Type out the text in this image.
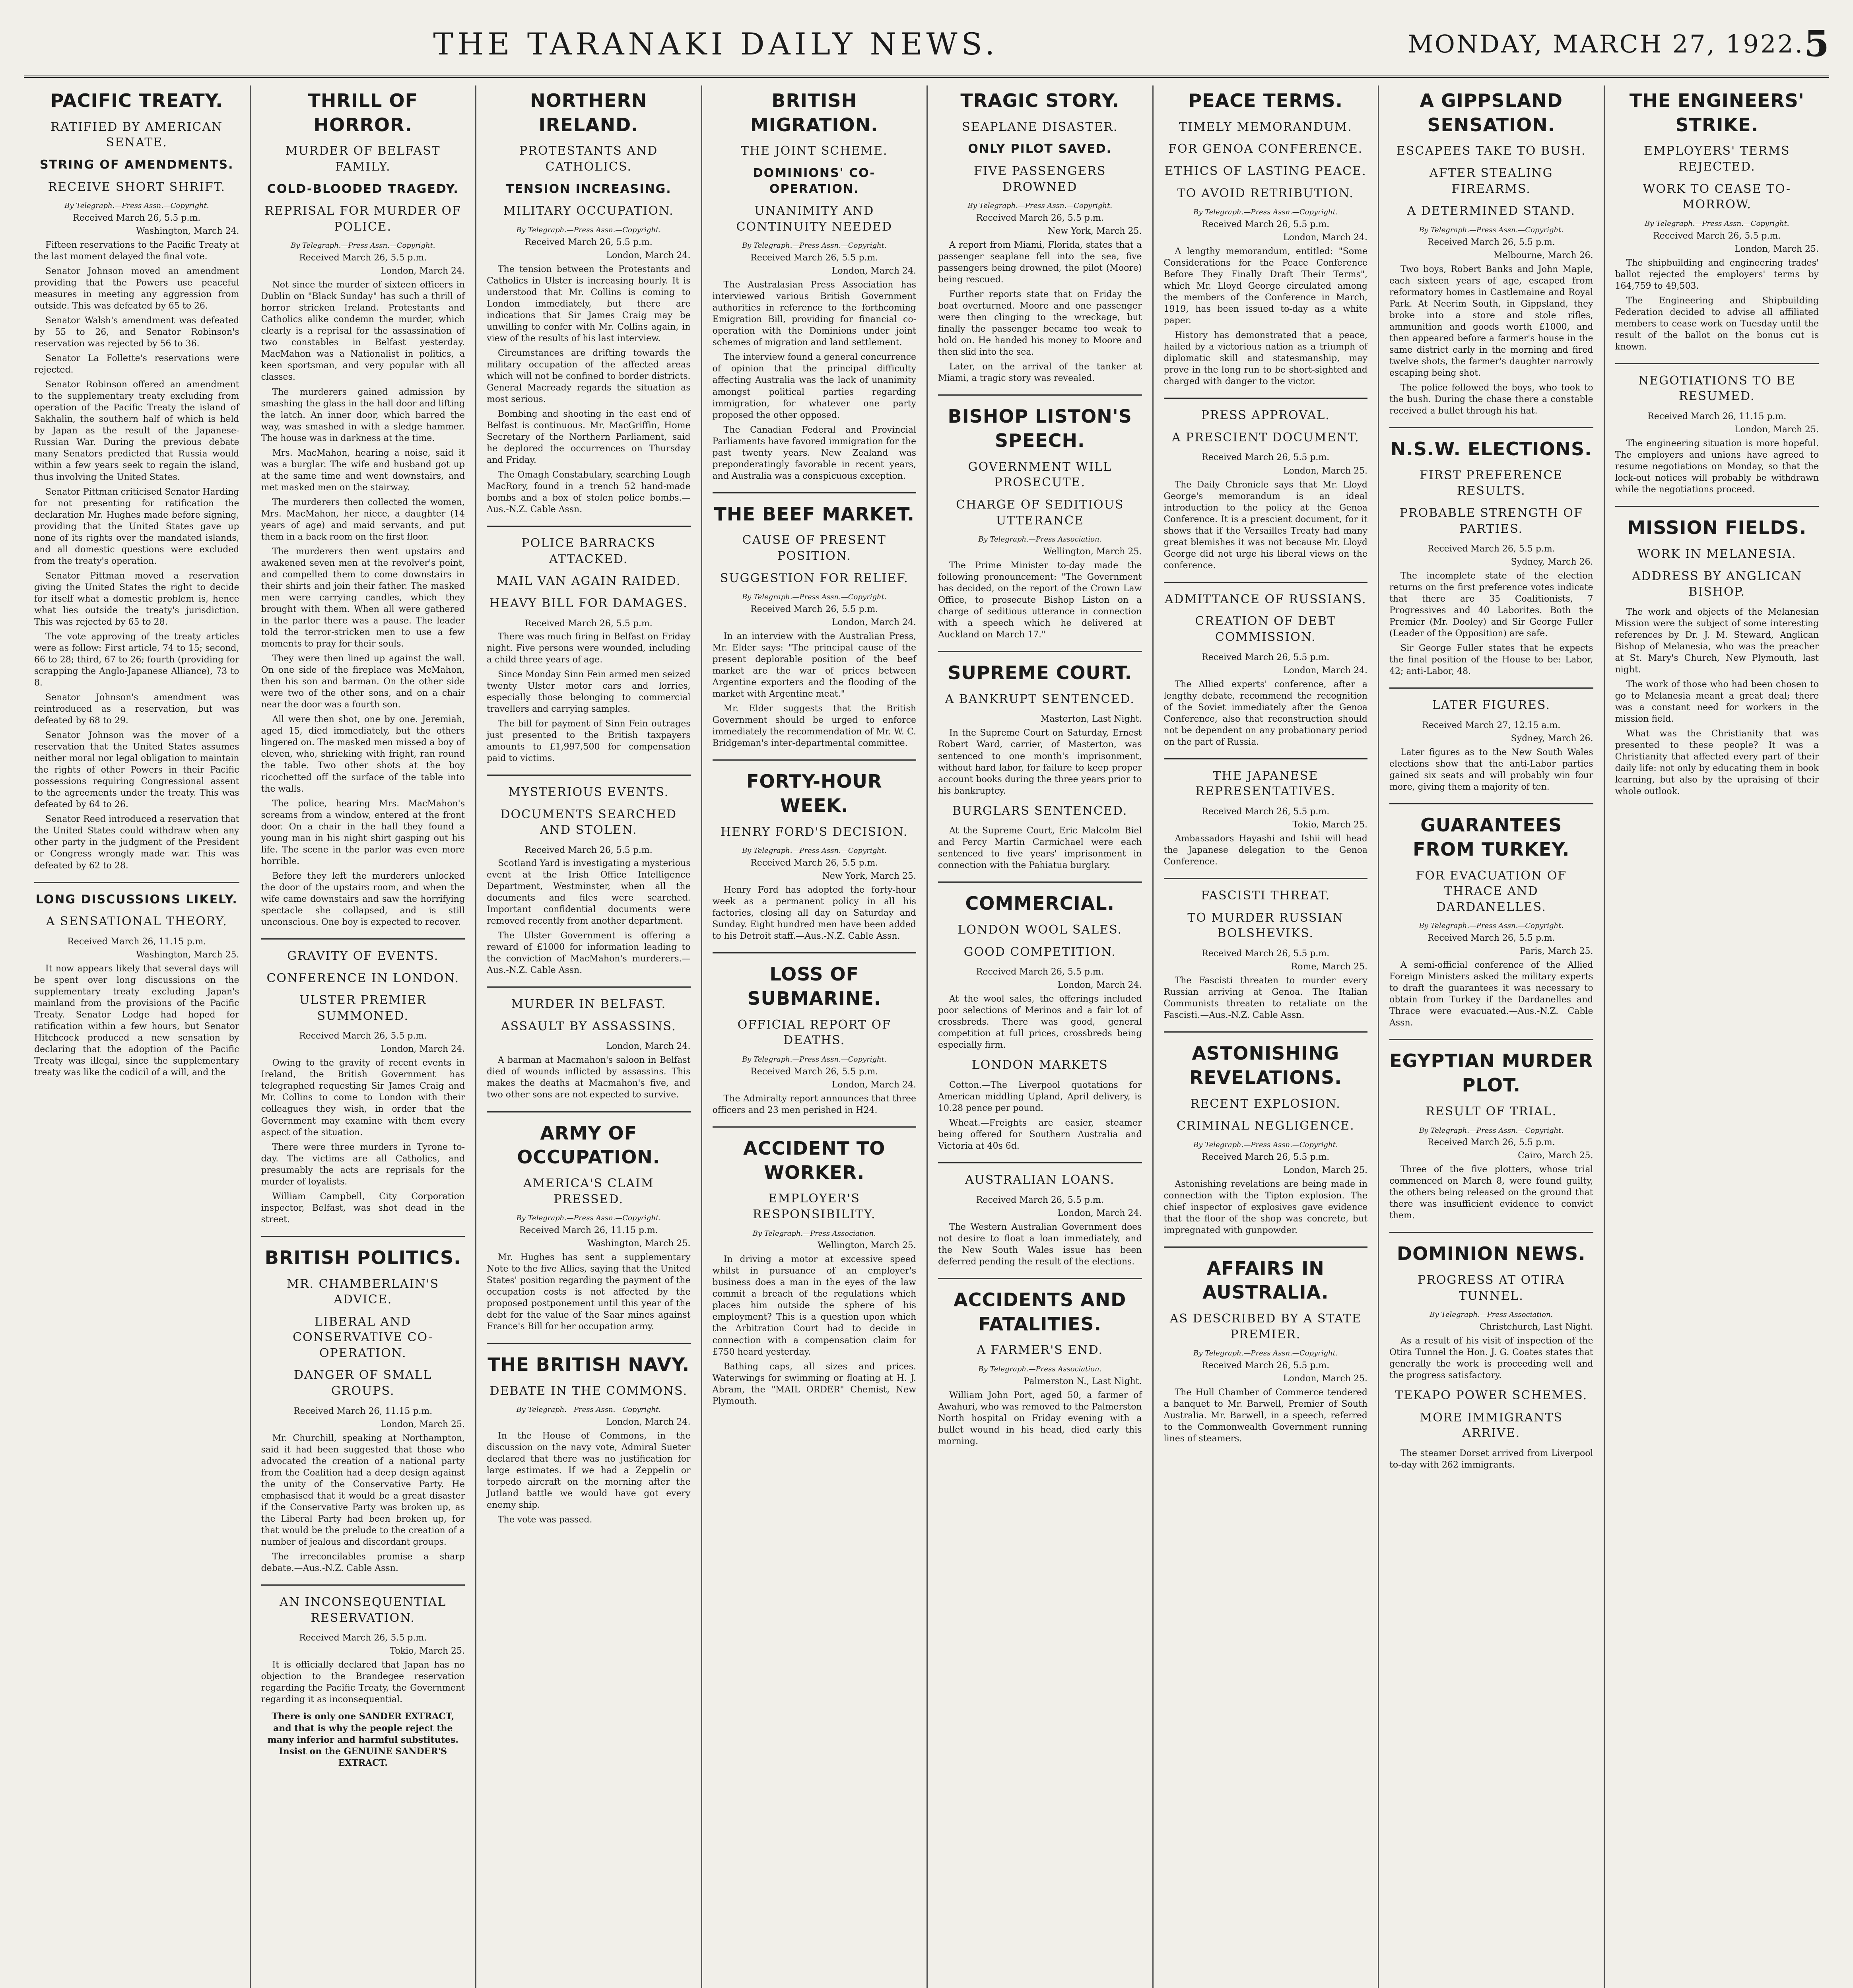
THE TARANAKI DAILY NEWS.	MONDAY, MARCH 27, 1922. 5
PACIFIC TREATY.
RATIFIED BY AMERICAN SENATE.
STRING OF AMENDMENTS.
RECEIVE SHORT SHRIFT.
By Telegraph.—Press Assn.—Copyright.
Received March 26, 5.5 p.m.
Washington, March 24.

Fifteen reservations to the Pacific Treaty at the last moment delayed the final vote.

Senator Johnson moved an amendment providing that the Powers use peaceful measures in meeting any aggression from outside. This was defeated by 65 to 26.

Senator Walsh's amendment was defeated by 55 to 26, and Senator Robinson's reservation was rejected by 56 to 36.

Senator La Follette's reservations were rejected.

Senator Robinson offered an amendment to the supplementary treaty excluding from operation of the Pacific Treaty the island of Sakhalin, the southern half of which is held by Japan as the result of the Japanese-Russian War. During the previous debate many Senators predicted that Russia would within a few years seek to regain the island, thus involving the United States.

Senator Pittman criticised Senator Harding for not presenting for ratification the declaration Mr. Hughes made before signing, providing that the United States gave up none of its rights over the mandated islands, and all domestic questions were excluded from the treaty's operation.

Senator Pittman moved a reservation giving the United States the right to decide for itself what a domestic problem is, hence what lies outside the treaty's jurisdiction. This was rejected by 65 to 28.

The vote approving of the treaty articles were as follow: First article, 74 to 15; second, 66 to 28; third, 67 to 26; fourth (providing for scrapping the Anglo-Japanese Alliance), 73 to 8.

Senator Johnson's amendment was reintroduced as a reservation, but was defeated by 68 to 29.

Senator Johnson was the mover of a reservation that the United States assumes neither moral nor legal obligation to maintain the rights of other Powers in their Pacific possessions requiring Congressional assent to the agreements under the treaty. This was defeated by 64 to 26.

Senator Reed introduced a reservation that the United States could withdraw when any other party in the judgment of the President or Congress wrongly made war. This was defeated by 62 to 28.

LONG DISCUSSIONS LIKELY.
A SENSATIONAL THEORY.
Received March 26, 11.15 p.m.
Washington, March 25.

It now appears likely that several days will be spent over long discussions on the supplementary treaty excluding Japan's mainland from the provisions of the Pacific Treaty. Senator Lodge had hoped for ratification within a few hours, but Senator Hitchcock produced a new sensation by declaring that the adoption of the Pacific Treaty was illegal, since the supplementary treaty was like the codicil of a will, and the

THRILL OF HORROR.
MURDER OF BELFAST FAMILY.
COLD-BLOODED TRAGEDY.
REPRISAL FOR MURDER OF POLICE.
By Telegraph.—Press Assn.—Copyright.
Received March 26, 5.5 p.m.
London, March 24.

Not since the murder of sixteen officers in Dublin on "Black Sunday" has such a thrill of horror stricken Ireland. Protestants and Catholics alike condemn the murder, which clearly is a reprisal for the assassination of two constables in Belfast yesterday. MacMahon was a Nationalist in politics, a keen sportsman, and very popular with all classes.

The murderers gained admission by smashing the glass in the hall door and lifting the latch. An inner door, which barred the way, was smashed in with a sledge hammer. The house was in darkness at the time.

Mrs. MacMahon, hearing a noise, said it was a burglar. The wife and husband got up at the same time and went downstairs, and met masked men on the stairway.

The murderers then collected the women, Mrs. MacMahon, her niece, a daughter (14 years of age) and maid servants, and put them in a back room on the first floor.

The murderers then went upstairs and awakened seven men at the revolver's point, and compelled them to come downstairs in their shirts and join their father. The masked men were carrying candles, which they brought with them. When all were gathered in the parlor there was a pause. The leader told the terror-stricken men to use a few moments to pray for their souls.

They were then lined up against the wall. On one side of the fireplace was McMahon, then his son and barman. On the other side were two of the other sons, and on a chair near the door was a fourth son.

All were then shot, one by one. Jeremiah, aged 15, died immediately, but the others lingered on. The masked men missed a boy of eleven, who, shrieking with fright, ran round the table. Two other shots at the boy ricochetted off the surface of the table into the walls.

The police, hearing Mrs. MacMahon's screams from a window, entered at the front door. On a chair in the hall they found a young man in his night shirt gasping out his life. The scene in the parlor was even more horrible.

Before they left the murderers unlocked the door of the upstairs room, and when the wife came downstairs and saw the horrifying spectacle she collapsed, and is still unconscious. One boy is expected to recover.

GRAVITY OF EVENTS.
CONFERENCE IN LONDON.
ULSTER PREMIER SUMMONED.
Received March 26, 5.5 p.m.
London, March 24.

Owing to the gravity of recent events in Ireland, the British Government has telegraphed requesting Sir James Craig and Mr. Collins to come to London with their colleagues they wish, in order that the Government may examine with them every aspect of the situation.

There were three murders in Tyrone to-day. The victims are all Catholics, and presumably the acts are reprisals for the murder of loyalists.

William Campbell, City Corporation inspector, Belfast, was shot dead in the street.

BRITISH POLITICS.
MR. CHAMBERLAIN'S ADVICE.
LIBERAL AND CONSERVATIVE CO-OPERATION.
DANGER OF SMALL GROUPS.
Received March 26, 11.15 p.m.
London, March 25.

Mr. Churchill, speaking at Northampton, said it had been suggested that those who advocated the creation of a national party from the Coalition had a deep design against the unity of the Conservative Party. He emphasised that it would be a great disaster if the Conservative Party was broken up, as the Liberal Party had been broken up, for that would be the prelude to the creation of a number of jealous and discordant groups.

The irreconcilables promise a sharp debate.—Aus.-N.Z. Cable Assn.

AN INCONSEQUENTIAL RESERVATION.
Received March 26, 5.5 p.m.
Tokio, March 25.

It is officially declared that Japan has no objection to the Brandegee reservation regarding the Pacific Treaty, the Government regarding it as inconsequential.

There is only one SANDER EXTRACT, and that is why the people reject the many inferior and harmful substitutes. Insist on the GENUINE SANDER'S EXTRACT.
NORTHERN IRELAND.
PROTESTANTS AND CATHOLICS.
TENSION INCREASING.
MILITARY OCCUPATION.
By Telegraph.—Press Assn.—Copyright.
Received March 26, 5.5 p.m.
London, March 24.

The tension between the Protestants and Catholics in Ulster is increasing hourly. It is understood that Mr. Collins is coming to London immediately, but there are indications that Sir James Craig may be unwilling to confer with Mr. Collins again, in view of the results of his last interview.

Circumstances are drifting towards the military occupation of the affected areas which will not be confined to border districts. General Macready regards the situation as most serious.

Bombing and shooting in the east end of Belfast is continuous. Mr. MacGriffin, Home Secretary of the Northern Parliament, said he deplored the occurrences on Thursday and Friday.

The Omagh Constabulary, searching Lough MacRory, found in a trench 52 hand-made bombs and a box of stolen police bombs.—Aus.-N.Z. Cable Assn.

POLICE BARRACKS ATTACKED.
MAIL VAN AGAIN RAIDED.
HEAVY BILL FOR DAMAGES.
Received March 26, 5.5 p.m.

There was much firing in Belfast on Friday night. Five persons were wounded, including a child three years of age.

Since Monday Sinn Fein armed men seized twenty Ulster motor cars and lorries, especially those belonging to commercial travellers and carrying samples.

The bill for payment of Sinn Fein outrages just presented to the British taxpayers amounts to £1,997,500 for compensation paid to victims.

MYSTERIOUS EVENTS.
DOCUMENTS SEARCHED AND STOLEN.
Received March 26, 5.5 p.m.

Scotland Yard is investigating a mysterious event at the Irish Office Intelligence Department, Westminster, when all the documents and files were searched. Important confidential documents were removed recently from another department.

The Ulster Government is offering a reward of £1000 for information leading to the conviction of MacMahon's murderers.—Aus.-N.Z. Cable Assn.

MURDER IN BELFAST.
ASSAULT BY ASSASSINS.
London, March 24.

A barman at Macmahon's saloon in Belfast died of wounds inflicted by assassins. This makes the deaths at Macmahon's five, and two other sons are not expected to survive.

ARMY OF OCCUPATION.
AMERICA'S CLAIM PRESSED.
By Telegraph.—Press Assn.—Copyright.
Received March 26, 11.15 p.m.
Washington, March 25.

Mr. Hughes has sent a supplementary Note to the five Allies, saying that the United States' position regarding the payment of the occupation costs is not affected by the proposed postponement until this year of the debt for the value of the Saar mines against France's Bill for her occupation army.

THE BRITISH NAVY.
DEBATE IN THE COMMONS.
By Telegraph.—Press Assn.—Copyright.
London, March 24.

In the House of Commons, in the discussion on the navy vote, Admiral Sueter declared that there was no justification for large estimates. If we had a Zeppelin or torpedo aircraft on the morning after the Jutland battle we would have got every enemy ship.

The vote was passed.

BRITISH MIGRATION.
THE JOINT SCHEME.
DOMINIONS' CO-OPERATION.
UNANIMITY AND CONTINUITY NEEDED
By Telegraph.—Press Assn.—Copyright.
Received March 26, 5.5 p.m.
London, March 24.

The Australasian Press Association has interviewed various British Government authorities in reference to the forthcoming Emigration Bill, providing for financial co-operation with the Dominions under joint schemes of migration and land settlement.

The interview found a general concurrence of opinion that the principal difficulty affecting Australia was the lack of unanimity amongst political parties regarding immigration, for whatever one party proposed the other opposed.

The Canadian Federal and Provincial Parliaments have favored immigration for the past twenty years. New Zealand was preponderatingly favorable in recent years, and Australia was a conspicuous exception.

THE BEEF MARKET.
CAUSE OF PRESENT POSITION.
SUGGESTION FOR RELIEF.
By Telegraph.—Press Assn.—Copyright.
Received March 26, 5.5 p.m.
London, March 24.

In an interview with the Australian Press, Mr. Elder says: "The principal cause of the present deplorable position of the beef market are the war of prices between Argentine exporters and the flooding of the market with Argentine meat."

Mr. Elder suggests that the British Government should be urged to enforce immediately the recommendation of Mr. W. C. Bridgeman's inter-departmental committee.

FORTY-HOUR WEEK.
HENRY FORD'S DECISION.
By Telegraph.—Press Assn.—Copyright.
Received March 26, 5.5 p.m.
New York, March 25.

Henry Ford has adopted the forty-hour week as a permanent policy in all his factories, closing all day on Saturday and Sunday. Eight hundred men have been added to his Detroit staff.—Aus.-N.Z. Cable Assn.

LOSS OF SUBMARINE.
OFFICIAL REPORT OF DEATHS.
By Telegraph.—Press Assn.—Copyright.
Received March 26, 5.5 p.m.
London, March 24.

The Admiralty report announces that three officers and 23 men perished in H24.

ACCIDENT TO WORKER.
EMPLOYER'S RESPONSIBILITY.
By Telegraph.—Press Association.
Wellington, March 25.

In driving a motor at excessive speed whilst in pursuance of an employer's business does a man in the eyes of the law commit a breach of the regulations which places him outside the sphere of his employment? This is a question upon which the Arbitration Court had to decide in connection with a compensation claim for £750 heard yesterday.

Bathing caps, all sizes and prices. Waterwings for swimming or floating at H. J. Abram, the "MAIL ORDER" Chemist, New Plymouth.

TRAGIC STORY.
SEAPLANE DISASTER.
ONLY PILOT SAVED.
FIVE PASSENGERS DROWNED
By Telegraph.—Press Assn.—Copyright.
Received March 26, 5.5 p.m.
New York, March 25.

A report from Miami, Florida, states that a passenger seaplane fell into the sea, five passengers being drowned, the pilot (Moore) being rescued.

Further reports state that on Friday the boat overturned. Moore and one passenger were then clinging to the wreckage, but finally the passenger became too weak to hold on. He handed his money to Moore and then slid into the sea.

Later, on the arrival of the tanker at Miami, a tragic story was revealed.

BISHOP LISTON'S SPEECH.
GOVERNMENT WILL PROSECUTE.
CHARGE OF SEDITIOUS UTTERANCE
By Telegraph.—Press Association.
Wellington, March 25.

The Prime Minister to-day made the following pronouncement: "The Government has decided, on the report of the Crown Law Office, to prosecute Bishop Liston on a charge of seditious utterance in connection with a speech which he delivered at Auckland on March 17."

SUPREME COURT.
A BANKRUPT SENTENCED.
Masterton, Last Night.

In the Supreme Court on Saturday, Ernest Robert Ward, carrier, of Masterton, was sentenced to one month's imprisonment, without hard labor, for failure to keep proper account books during the three years prior to his bankruptcy.

BURGLARS SENTENCED.

At the Supreme Court, Eric Malcolm Biel and Percy Martin Carmichael were each sentenced to five years' imprisonment in connection with the Pahiatua burglary.

COMMERCIAL.
LONDON WOOL SALES.
GOOD COMPETITION.
Received March 26, 5.5 p.m.
London, March 24.

At the wool sales, the offerings included poor selections of Merinos and a fair lot of crossbreds. There was good, general competition at full prices, crossbreds being especially firm.

LONDON MARKETS

Cotton.—The Liverpool quotations for American middling Upland, April delivery, is 10.28 pence per pound.

Wheat.—Freights are easier, steamer being offered for Southern Australia and Victoria at 40s 6d.

AUSTRALIAN LOANS.
Received March 26, 5.5 p.m.
London, March 24.

The Western Australian Government does not desire to float a loan immediately, and the New South Wales issue has been deferred pending the result of the elections.

ACCIDENTS AND FATALITIES.
A FARMER'S END.
By Telegraph.—Press Association.
Palmerston N., Last Night.

William John Port, aged 50, a farmer of Awahuri, who was removed to the Palmerston North hospital on Friday evening with a bullet wound in his head, died early this morning.

PEACE TERMS.
TIMELY MEMORANDUM.
FOR GENOA CONFERENCE.
ETHICS OF LASTING PEACE.
TO AVOID RETRIBUTION.
By Telegraph.—Press Assn.—Copyright.
Received March 26, 5.5 p.m.
London, March 24.

A lengthy memorandum, entitled: "Some Considerations for the Peace Conference Before They Finally Draft Their Terms", which Mr. Lloyd George circulated among the members of the Conference in March, 1919, has been issued to-day as a white paper.

History has demonstrated that a peace, hailed by a victorious nation as a triumph of diplomatic skill and statesmanship, may prove in the long run to be short-sighted and charged with danger to the victor.

PRESS APPROVAL.
A PRESCIENT DOCUMENT.
Received March 26, 5.5 p.m.
London, March 25.

The Daily Chronicle says that Mr. Lloyd George's memorandum is an ideal introduction to the policy at the Genoa Conference. It is a prescient document, for it shows that if the Versailles Treaty had many great blemishes it was not because Mr. Lloyd George did not urge his liberal views on the conference.

ADMITTANCE OF RUSSIANS.
CREATION OF DEBT COMMISSION.
Received March 26, 5.5 p.m.
London, March 24.

The Allied experts' conference, after a lengthy debate, recommend the recognition of the Soviet immediately after the Genoa Conference, also that reconstruction should not be dependent on any probationary period on the part of Russia.

THE JAPANESE REPRESENTATIVES.
Received March 26, 5.5 p.m.
Tokio, March 25.

Ambassadors Hayashi and Ishii will head the Japanese delegation to the Genoa Conference.

FASCISTI THREAT.
TO MURDER RUSSIAN BOLSHEVIKS.
Received March 26, 5.5 p.m.
Rome, March 25.

The Fascisti threaten to murder every Russian arriving at Genoa. The Italian Communists threaten to retaliate on the Fascisti.—Aus.-N.Z. Cable Assn.

ASTONISHING REVELATIONS.
RECENT EXPLOSION.
CRIMINAL NEGLIGENCE.
By Telegraph.—Press Assn.—Copyright.
Received March 26, 5.5 p.m.
London, March 25.

Astonishing revelations are being made in connection with the Tipton explosion. The chief inspector of explosives gave evidence that the floor of the shop was concrete, but impregnated with gunpowder.

AFFAIRS IN AUSTRALIA.
AS DESCRIBED BY A STATE PREMIER.
By Telegraph.—Press Assn.—Copyright.
Received March 26, 5.5 p.m.
London, March 25.

The Hull Chamber of Commerce tendered a banquet to Mr. Barwell, Premier of South Australia. Mr. Barwell, in a speech, referred to the Commonwealth Government running lines of steamers.

A GIPPSLAND SENSATION.
ESCAPEES TAKE TO BUSH.
AFTER STEALING FIREARMS.
A DETERMINED STAND.
By Telegraph.—Press Assn.—Copyright.
Received March 26, 5.5 p.m.
Melbourne, March 26.

Two boys, Robert Banks and John Maple, each sixteen years of age, escaped from reformatory homes in Castlemaine and Royal Park. At Neerim South, in Gippsland, they broke into a store and stole rifles, ammunition and goods worth £1000, and then appeared before a farmer's house in the same district early in the morning and fired twelve shots, the farmer's daughter narrowly escaping being shot.

The police followed the boys, who took to the bush. During the chase there a constable received a bullet through his hat.

N.S.W. ELECTIONS.
FIRST PREFERENCE RESULTS.
PROBABLE STRENGTH OF PARTIES.
Received March 26, 5.5 p.m.
Sydney, March 26.

The incomplete state of the election returns on the first preference votes indicate that there are 35 Coalitionists, 7 Progressives and 40 Laborites. Both the Premier (Mr. Dooley) and Sir George Fuller (Leader of the Opposition) are safe.

Sir George Fuller states that he expects the final position of the House to be: Labor, 42; anti-Labor, 48.

LATER FIGURES.
Received March 27, 12.15 a.m.
Sydney, March 26.

Later figures as to the New South Wales elections show that the anti-Labor parties gained six seats and will probably win four more, giving them a majority of ten.

GUARANTEES FROM TURKEY.
FOR EVACUATION OF THRACE AND DARDANELLES.
By Telegraph.—Press Assn.—Copyright.
Received March 26, 5.5 p.m.
Paris, March 25.

A semi-official conference of the Allied Foreign Ministers asked the military experts to draft the guarantees it was necessary to obtain from Turkey if the Dardanelles and Thrace were evacuated.—Aus.-N.Z. Cable Assn.

EGYPTIAN MURDER PLOT.
RESULT OF TRIAL.
By Telegraph.—Press Assn.—Copyright.
Received March 26, 5.5 p.m.
Cairo, March 25.

Three of the five plotters, whose trial commenced on March 8, were found guilty, the others being released on the ground that there was insufficient evidence to convict them.

DOMINION NEWS.
PROGRESS AT OTIRA TUNNEL.
By Telegraph.—Press Association.
Christchurch, Last Night.

As a result of his visit of inspection of the Otira Tunnel the Hon. J. G. Coates states that generally the work is proceeding well and the progress satisfactory.

TEKAPO POWER SCHEMES.
MORE IMMIGRANTS ARRIVE.

The steamer Dorset arrived from Liverpool to-day with 262 immigrants.

THE ENGINEERS' STRIKE.
EMPLOYERS' TERMS REJECTED.
WORK TO CEASE TO-MORROW.
By Telegraph.—Press Assn.—Copyright.
Received March 26, 5.5 p.m.
London, March 25.

The shipbuilding and engineering trades' ballot rejected the employers' terms by 164,759 to 49,503.

The Engineering and Shipbuilding Federation decided to advise all affiliated members to cease work on Tuesday until the result of the ballot on the bonus cut is known.

NEGOTIATIONS TO BE RESUMED.
Received March 26, 11.15 p.m.
London, March 25.

The engineering situation is more hopeful. The employers and unions have agreed to resume negotiations on Monday, so that the lock-out notices will probably be withdrawn while the negotiations proceed.

MISSION FIELDS.
WORK IN MELANESIA.
ADDRESS BY ANGLICAN BISHOP.

The work and objects of the Melanesian Mission were the subject of some interesting references by Dr. J. M. Steward, Anglican Bishop of Melanesia, who was the preacher at St. Mary's Church, New Plymouth, last night.

The work of those who had been chosen to go to Melanesia meant a great deal; there was a constant need for workers in the mission field.

What was the Christianity that was presented to these people? It was a Christianity that affected every part of their daily life: not only by educating them in book learning, but also by the upraising of their whole outlook.
